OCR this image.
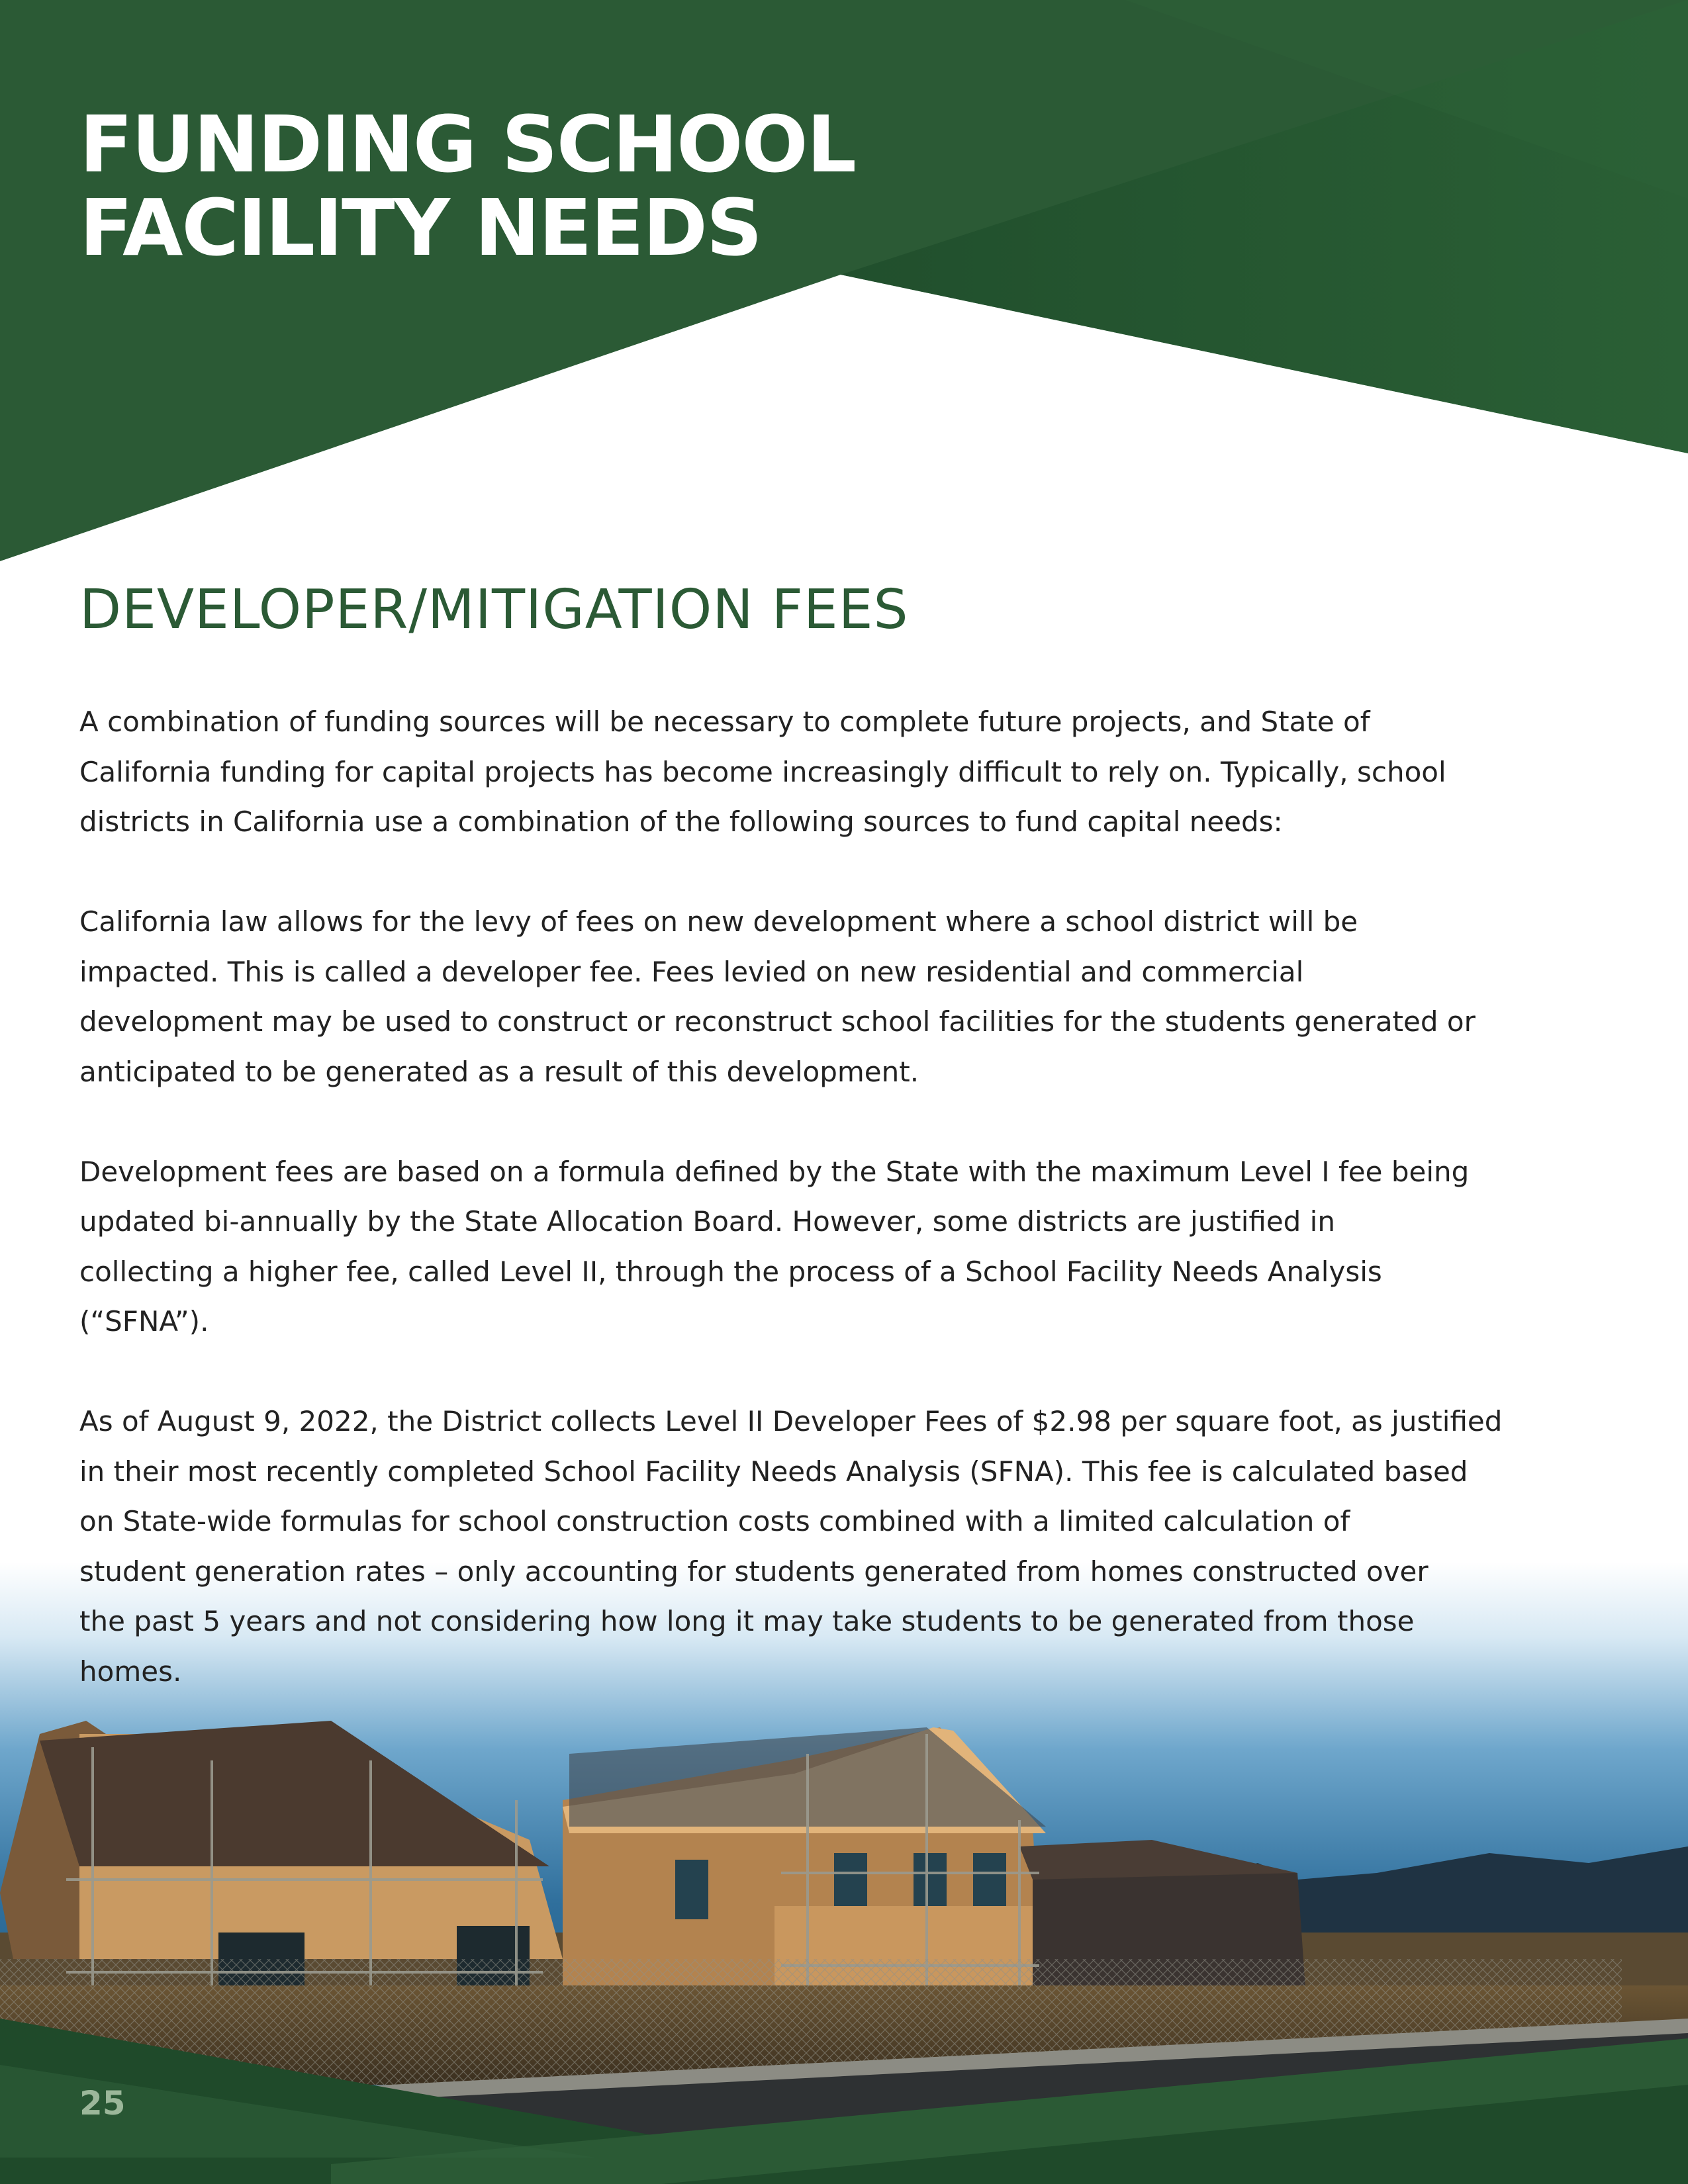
FUNDING SCHOOL
FACILITY NEEDS
DEVELOPER/MITIGATION FEES

A combination of funding sources will be necessary to complete future projects, and State of
California funding for capital projects has become increasingly difficult to rely on. Typically, school
districts in California use a combination of the following sources to fund capital needs:

California law allows for the levy of fees on new development where a school district will be
impacted. This is called a developer fee. Fees levied on new residential and commercial
development may be used to construct or reconstruct school facilities for the students generated or
anticipated to be generated as a result of this development.

Development fees are based on a formula defined by the State with the maximum Level I fee being
updated bi-annually by the State Allocation Board. However, some districts are justified in
collecting a higher fee, called Level II, through the process of a School Facility Needs Analysis
(“SFNA”).

As of August 9, 2022, the District collects Level II Developer Fees of $2.98 per square foot, as justified
in their most recently completed School Facility Needs Analysis (SFNA). This fee is calculated based
on State-wide formulas for school construction costs combined with a limited calculation of
student generation rates – only accounting for students generated from homes constructed over
the past 5 years and not considering how long it may take students to be generated from those
homes.

25
